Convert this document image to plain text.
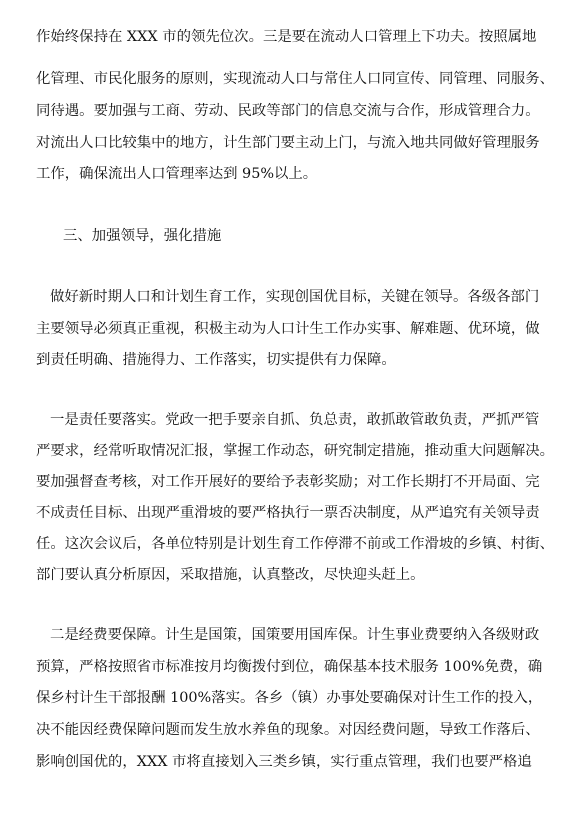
作始终保持在 XXX 市的领先位次。三是要在流动人口管理上下功夫。按照属地
化管理、市民化服务的原则，实现流动人口与常住人口同宣传、同管理、同服务、
同待遇。要加强与工商、劳动、民政等部门的信息交流与合作，形成管理合力。
对流出人口比较集中的地方，计生部门要主动上门，与流入地共同做好管理服务
工作，确保流出人口管理率达到 95%以上。
三、加强领导，强化措施
做好新时期人口和计划生育工作，实现创国优目标，关键在领导。各级各部门
主要领导必须真正重视，积极主动为人口计生工作办实事、解难题、优环境，做
到责任明确、措施得力、工作落实，切实提供有力保障。
一是责任要落实。党政一把手要亲自抓、负总责，敢抓敢管敢负责，严抓严管
严要求，经常听取情况汇报，掌握工作动态，研究制定措施，推动重大问题解决。
要加强督查考核，对工作开展好的要给予表彰奖励；对工作长期打不开局面、完
不成责任目标、出现严重滑坡的要严格执行一票否决制度，从严追究有关领导责
任。这次会议后，各单位特别是计划生育工作停滞不前或工作滑坡的乡镇、村街、
部门要认真分析原因，采取措施，认真整改，尽快迎头赶上。
二是经费要保障。计生是国策，国策要用国库保。计生事业费要纳入各级财政
预算，严格按照省市标准按月均衡拨付到位，确保基本技术服务 100%免费，确
保乡村计生干部报酬 100%落实。各乡（镇）办事处要确保对计生工作的投入，
决不能因经费保障问题而发生放水养鱼的现象。对因经费问题，导致工作落后、
影响创国优的，XXX 市将直接划入三类乡镇，实行重点管理，我们也要严格追
